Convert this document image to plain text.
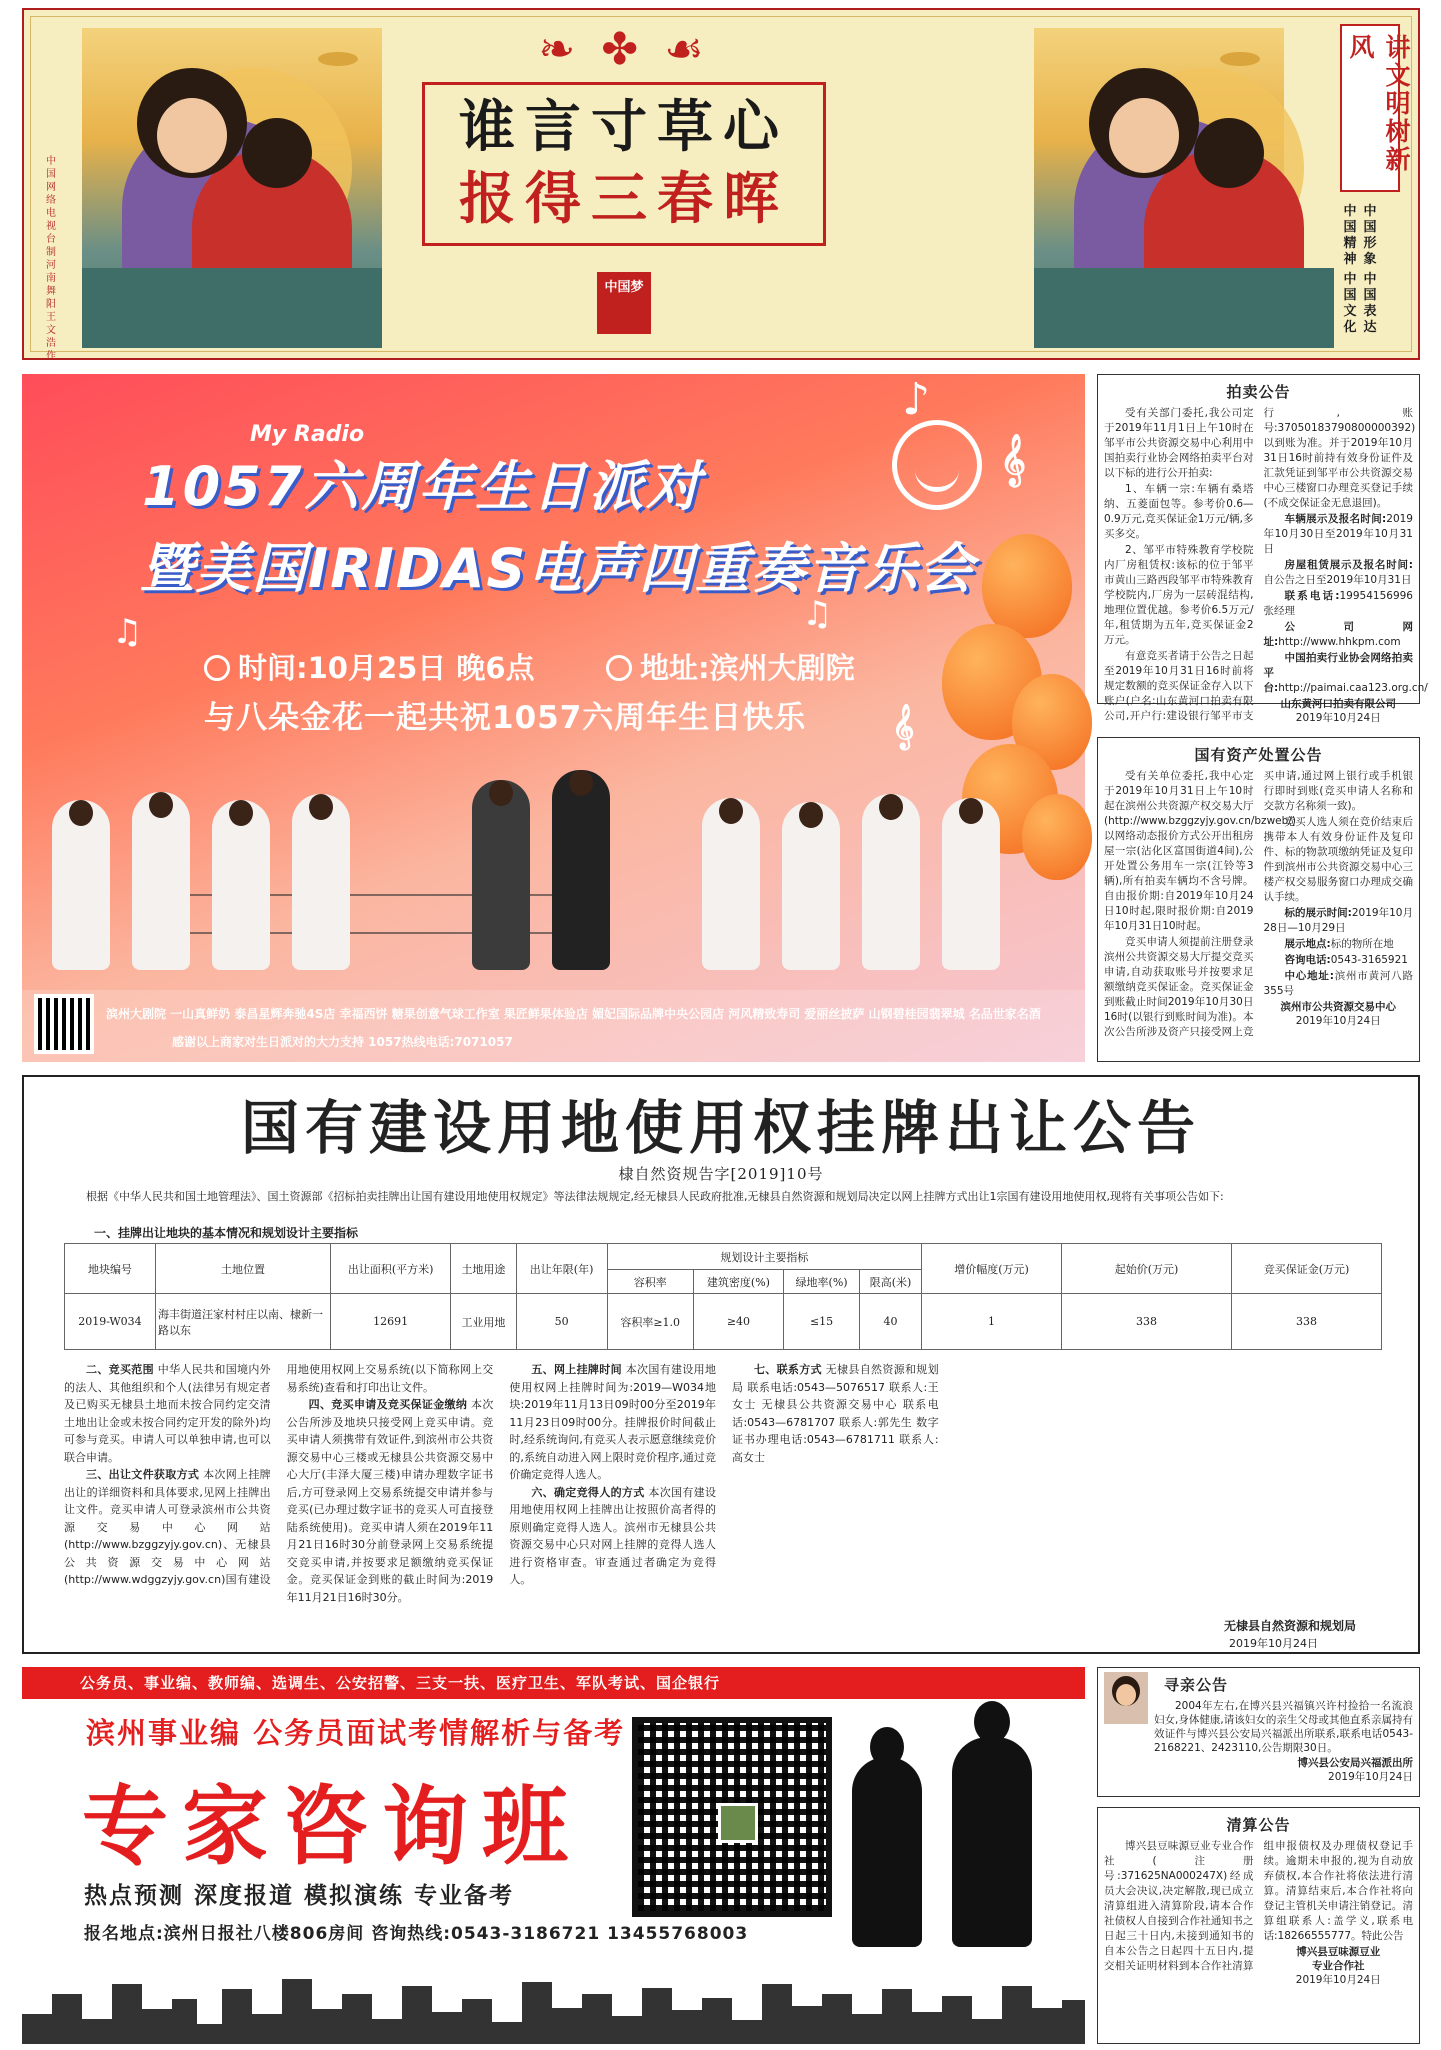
中国网络电视台制 河南舞阳 王文浩作
❧ ✤ ☙
谁言寸草心
报得三春晖
中国梦
讲文明树新风
中国精神
中国形象
中国文化
中国表达
My Radio
1057六周年生日派对
暨美国IRIDAS电声四重奏音乐会
♪
𝄞
♫	♫
𝄞
时间:10月25日 晚6点	地址:滨州大剧院
与八朵金花一起共祝1057六周年生日快乐
滨州大剧院 一山真鲜奶 泰昌星辉奔驰4S店 幸福西饼 糖果创意气球工作室 果匠鲜果体验店 媚妃国际品牌中央公园店 河风精致寿司 爱丽丝披萨 山钢碧桂园翡翠城 名品世家名酒
感谢以上商家对生日派对的大力支持 1057热线电话:7071057
拍卖公告

受有关部门委托,我公司定于2019年11月1日上午10时在邹平市公共资源交易中心利用中国拍卖行业协会网络拍卖平台对以下标的进行公开拍卖:

1、车辆一宗:车辆有桑塔纳、五菱面包等。参考价0.6—0.9万元,竞买保证金1万元/辆,多买多交。

2、邹平市特殊教育学校院内厂房租赁权:该标的位于邹平市黄山三路西段邹平市特殊教育学校院内,厂房为一层砖混结构,地理位置优越。参考价6.5万元/年,租赁期为五年,竞买保证金2万元。

有意竞买者请于公告之日起至2019年10月31日16时前将规定数额的竞买保证金存入以下账户(户名:山东黄河口拍卖有限公司,开户行:建设银行邹平市支行,账号:37050183790800000392)以到账为准。并于2019年10月31日16时前持有效身份证件及汇款凭证到邹平市公共资源交易中心三楼窗口办理竞买登记手续(不成交保证金无息退回)。

车辆展示及报名时间:2019年10月30日至2019年10月31日

房屋租赁展示及报名时间:自公告之日至2019年10月31日

联系电话:19954156996张经理

公司网址:http://www.hhkpm.com

中国拍卖行业协会网络拍卖平台:http://paimai.caa123.org.cn/

山东黄河口拍卖有限公司
2019年10月24日
国有资产处置公告

受有关单位委托,我中心定于2019年10月31日上午10时起在滨州公共资源产权交易大厅(http://www.bzggzyjy.gov.cn/bzweb/)以网络动态报价方式公开出租房屋一宗(沾化区富国街道4间),公开处置公务用车一宗(江铃等3辆),所有拍卖车辆均不含号牌。自由报价期:自2019年10月24日10时起,限时报价期:自2019年10月31日10时起。

竞买申请人须提前注册登录滨州公共资源交易大厅提交竞买申请,自动获取账号并按要求足额缴纳竞买保证金。竞买保证金到账截止时间2019年10月30日16时(以银行到账时间为准)。本次公告所涉及资产只接受网上竞买申请,通过网上银行或手机银行即时到账(竞买申请人名称和交款方名称须一致)。

竞买人选人须在竞价结束后携带本人有效身份证件及复印件、标的物款项缴纳凭证及复印件到滨州市公共资源交易中心三楼产权交易服务窗口办理成交确认手续。

标的展示时间:2019年10月28日—10月29日

展示地点:标的物所在地

咨询电话:0543-3165921

中心地址:滨州市黄河八路355号

滨州市公共资源交易中心
2019年10月24日
国有建设用地使用权挂牌出让公告
棣自然资规告字[2019]10号
根据《中华人民共和国土地管理法》、国土资源部《招标拍卖挂牌出让国有建设用地使用权规定》等法律法规规定,经无棣县人民政府批准,无棣县自然资源和规划局决定以网上挂牌方式出让1宗国有建设用地使用权,现将有关事项公告如下:
一、挂牌出让地块的基本情况和规划设计主要指标
地块编号	土地位置	出让面积(平方米)	土地用途	出让年限(年)	规划设计主要指标				增价幅度(万元)	起始价(万元)	竞买保证金(万元)
					容积率	建筑密度(%)	绿地率(%)	限高(米)			
2019-W034	海丰街道汪家村村庄以南、棣新一路以东	12691	工业用地	50	容积率≥1.0	≥40	≤15	40	1	338	338

二、竞买范围 中华人民共和国境内外的法人、其他组织和个人(法律另有规定者及已购买无棣县土地而未按合同约定交清土地出让金或未按合同约定开发的除外)均可参与竞买。申请人可以单独申请,也可以联合申请。

三、出让文件获取方式 本次网上挂牌出让的详细资料和具体要求,见网上挂牌出让文件。竞买申请人可登录滨州市公共资源交易中心网站(http://www.bzggzyjy.gov.cn)、无棣县公共资源交易中心网站(http://www.wdggzyjy.gov.cn)国有建设用地使用权网上交易系统(以下简称网上交易系统)查看和打印出让文件。

四、竞买申请及竞买保证金缴纳 本次公告所涉及地块只接受网上竞买申请。竞买申请人须携带有效证件,到滨州市公共资源交易中心三楼或无棣县公共资源交易中心大厅(丰泽大厦三楼)申请办理数字证书后,方可登录网上交易系统提交申请并参与竞买(已办理过数字证书的竞买人可直接登陆系统使用)。竞买申请人须在2019年11月21日16时30分前登录网上交易系统提交竞买申请,并按要求足额缴纳竞买保证金。竞买保证金到账的截止时间为:2019年11月21日16时30分。

五、网上挂牌时间 本次国有建设用地使用权网上挂牌时间为:2019—W034地块:2019年11月13日09时00分至2019年11月23日09时00分。挂牌报价时间截止时,经系统询问,有竞买人表示愿意继续竞价的,系统自动进入网上限时竞价程序,通过竞价确定竞得人选人。

六、确定竞得人的方式 本次国有建设用地使用权网上挂牌出让按照价高者得的原则确定竞得人选人。滨州市无棣县公共资源交易中心只对网上挂牌的竞得人选人进行资格审查。审查通过者确定为竞得人。

七、联系方式 无棣县自然资源和规划局 联系电话:0543—5076517 联系人:王女士 无棣县公共资源交易中心 联系电话:0543—6781707 联系人:郭先生 数字证书办理电话:0543—6781711 联系人:高女士

无棣县自然资源和规划局
2019年10月24日
公务员、事业编、教师编、选调生、公安招警、三支一扶、医疗卫生、军队考试、国企银行
滨州事业编 公务员面试考情解析与备考
专家咨询班
热点预测 深度报道 模拟演练 专业备考
报名地点:滨州日报社八楼806房间 咨询热线:0543-3186721 13455768003
寻亲公告

2004年左右,在博兴县兴福镇兴许村捡拾一名流浪妇女,身体健康,请该妇女的亲生父母或其他直系亲属持有效证件与博兴县公安局兴福派出所联系,联系电话0543-2168221、2423110,公告期限30日。

博兴县公安局兴福派出所
2019年10月24日
清算公告

博兴县豆味源豆业专业合作社(注册号:371625NA000247X)经成员大会决议,决定解散,现已成立清算组进入清算阶段,请本合作社债权人自接到合作社通知书之日起三十日内,未接到通知书的自本公告之日起四十五日内,提交相关证明材料到本合作社清算组申报债权及办理债权登记手续。逾期未申报的,视为自动放弃债权,本合作社将依法进行清算。清算结束后,本合作社将向登记主管机关申请注销登记。清算组联系人:盖学义,联系电话:18266555777。特此公告

博兴县豆味源豆业
专业合作社
2019年10月24日
